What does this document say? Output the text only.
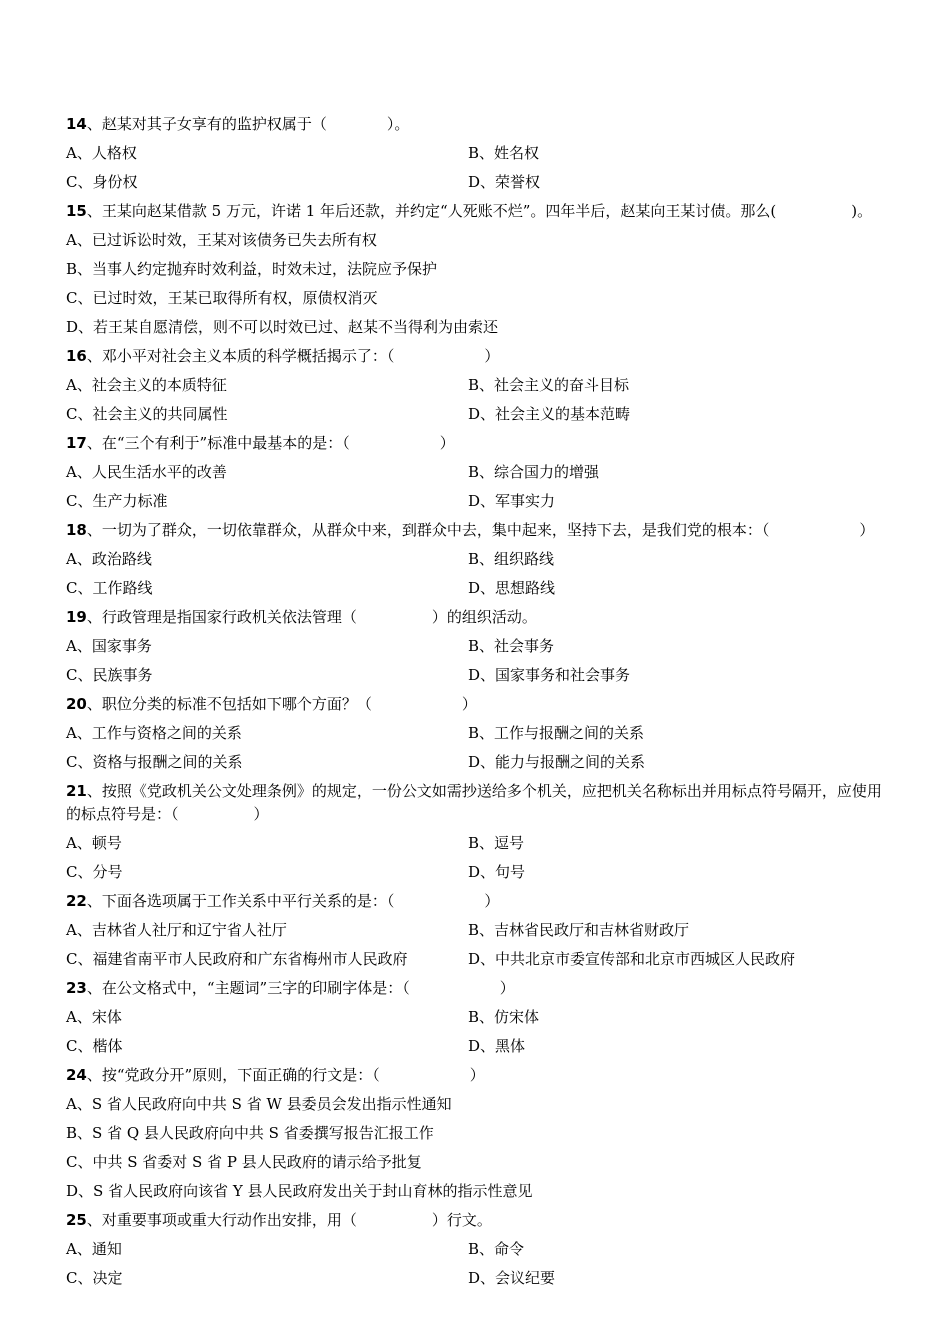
14、赵某对其子女享有的监护权属于（　　　　）。
A、人格权	B、姓名权
C、身份权	D、荣誉权
15、王某向赵某借款 5 万元，许诺 1 年后还款，并约定“人死账不烂”。四年半后，赵某向王某讨债。那么(　　　　　)。
A、已过诉讼时效，王某对该债务已失去所有权
B、当事人约定抛弃时效利益，时效未过，法院应予保护
C、已过时效，王某已取得所有权，原债权消灭
D、若王某自愿清偿，则不可以时效已过、赵某不当得利为由索还
16、邓小平对社会主义本质的科学概括揭示了：（　　　　　　）
A、社会主义的本质特征	B、社会主义的奋斗目标
C、社会主义的共同属性	D、社会主义的基本范畴
17、在“三个有利于”标准中最基本的是：（　　　　　　）
A、人民生活水平的改善	B、综合国力的增强
C、生产力标准	D、军事实力
18、一切为了群众，一切依靠群众，从群众中来，到群众中去，集中起来，坚持下去，是我们党的根本：（　　　　　　）
A、政治路线	B、组织路线
C、工作路线	D、思想路线
19、行政管理是指国家行政机关依法管理（　　　　　）的组织活动。
A、国家事务	B、社会事务
C、民族事务	D、国家事务和社会事务
20、职位分类的标准不包括如下哪个方面？（　　　　　　）
A、工作与资格之间的关系	B、工作与报酬之间的关系
C、资格与报酬之间的关系	D、能力与报酬之间的关系
21、按照《党政机关公文处理条例》的规定，一份公文如需抄送给多个机关，应把机关名称标出并用标点符号隔开，应使用的标点符号是：（　　　　　）
A、顿号	B、逗号
C、分号	D、句号
22、下面各选项属于工作关系中平行关系的是：（　　　　　　）
A、吉林省人社厅和辽宁省人社厅	B、吉林省民政厅和吉林省财政厅
C、福建省南平市人民政府和广东省梅州市人民政府	D、中共北京市委宣传部和北京市西城区人民政府
23、在公文格式中，“主题词”三字的印刷字体是：（　　　　　　）
A、宋体	B、仿宋体
C、楷体	D、黑体
24、按“党政分开”原则，下面正确的行文是：（　　　　　　）
A、S 省人民政府向中共 S 省 W 县委员会发出指示性通知
B、S 省 Q 县人民政府向中共 S 省委撰写报告汇报工作
C、中共 S 省委对 S 省 P 县人民政府的请示给予批复
D、S 省人民政府向该省 Y 县人民政府发出关于封山育林的指示性意见
25、对重要事项或重大行动作出安排，用（　　　　　）行文。
A、通知	B、命令
C、决定	D、会议纪要
